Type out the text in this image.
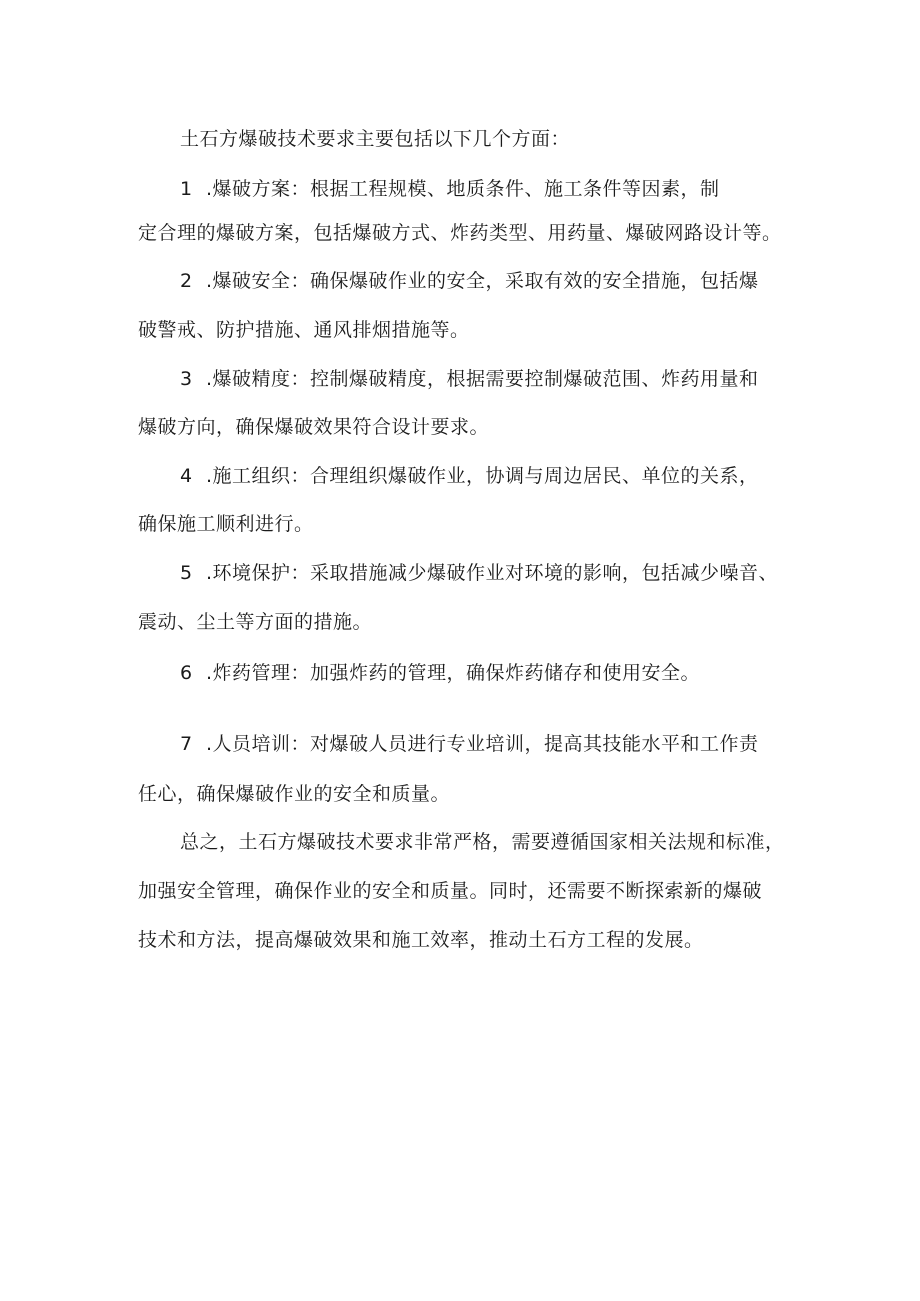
土石方爆破技术要求主要包括以下几个方面：
1 .爆破方案：根据工程规模、地质条件、施工条件等因素，制
定合理的爆破方案，包括爆破方式、炸药类型、用药量、爆破网路设计等。
2 .爆破安全：确保爆破作业的安全，采取有效的安全措施，包括爆
破警戒、防护措施、通风排烟措施等。
3 .爆破精度：控制爆破精度，根据需要控制爆破范围、炸药用量和
爆破方向，确保爆破效果符合设计要求。
4 .施工组织：合理组织爆破作业，协调与周边居民、单位的关系，
确保施工顺利进行。
5 .环境保护：采取措施减少爆破作业对环境的影响，包括减少噪音、
震动、尘土等方面的措施。
6 .炸药管理：加强炸药的管理，确保炸药储存和使用安全。
7 .人员培训：对爆破人员进行专业培训，提高其技能水平和工作责
任心，确保爆破作业的安全和质量。
总之，土石方爆破技术要求非常严格，需要遵循国家相关法规和标准，
加强安全管理，确保作业的安全和质量。同时，还需要不断探索新的爆破
技术和方法，提高爆破效果和施工效率，推动土石方工程的发展。
